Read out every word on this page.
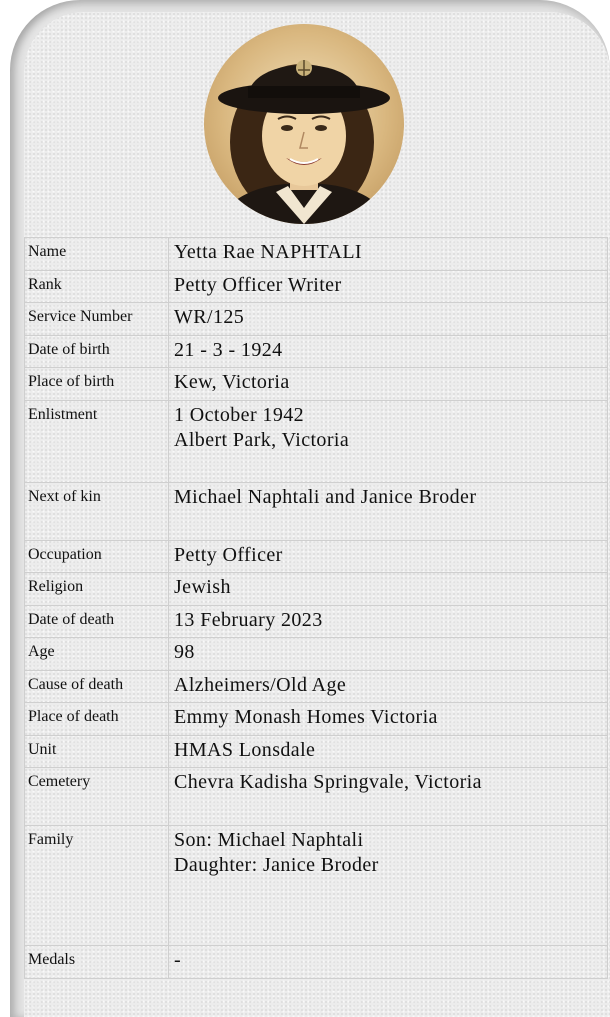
Name	Yetta Rae NAPHTALI
Rank	Petty Officer Writer
Service Number	WR/125
Date of birth	21 - 3 - 1924
Place of birth	Kew, Victoria
Enlistment	1 October 1942
Albert Park, Victoria
Next of kin	Michael Naphtali and Janice Broder
Occupation	Petty Officer
Religion	Jewish
Date of death	13 February 2023
Age	98
Cause of death	Alzheimers/Old Age
Place of death	Emmy Monash Homes Victoria
Unit	HMAS Lonsdale
Cemetery	Chevra Kadisha Springvale, Victoria
Family	Son: Michael Naphtali
Daughter: Janice Broder
Medals	-
